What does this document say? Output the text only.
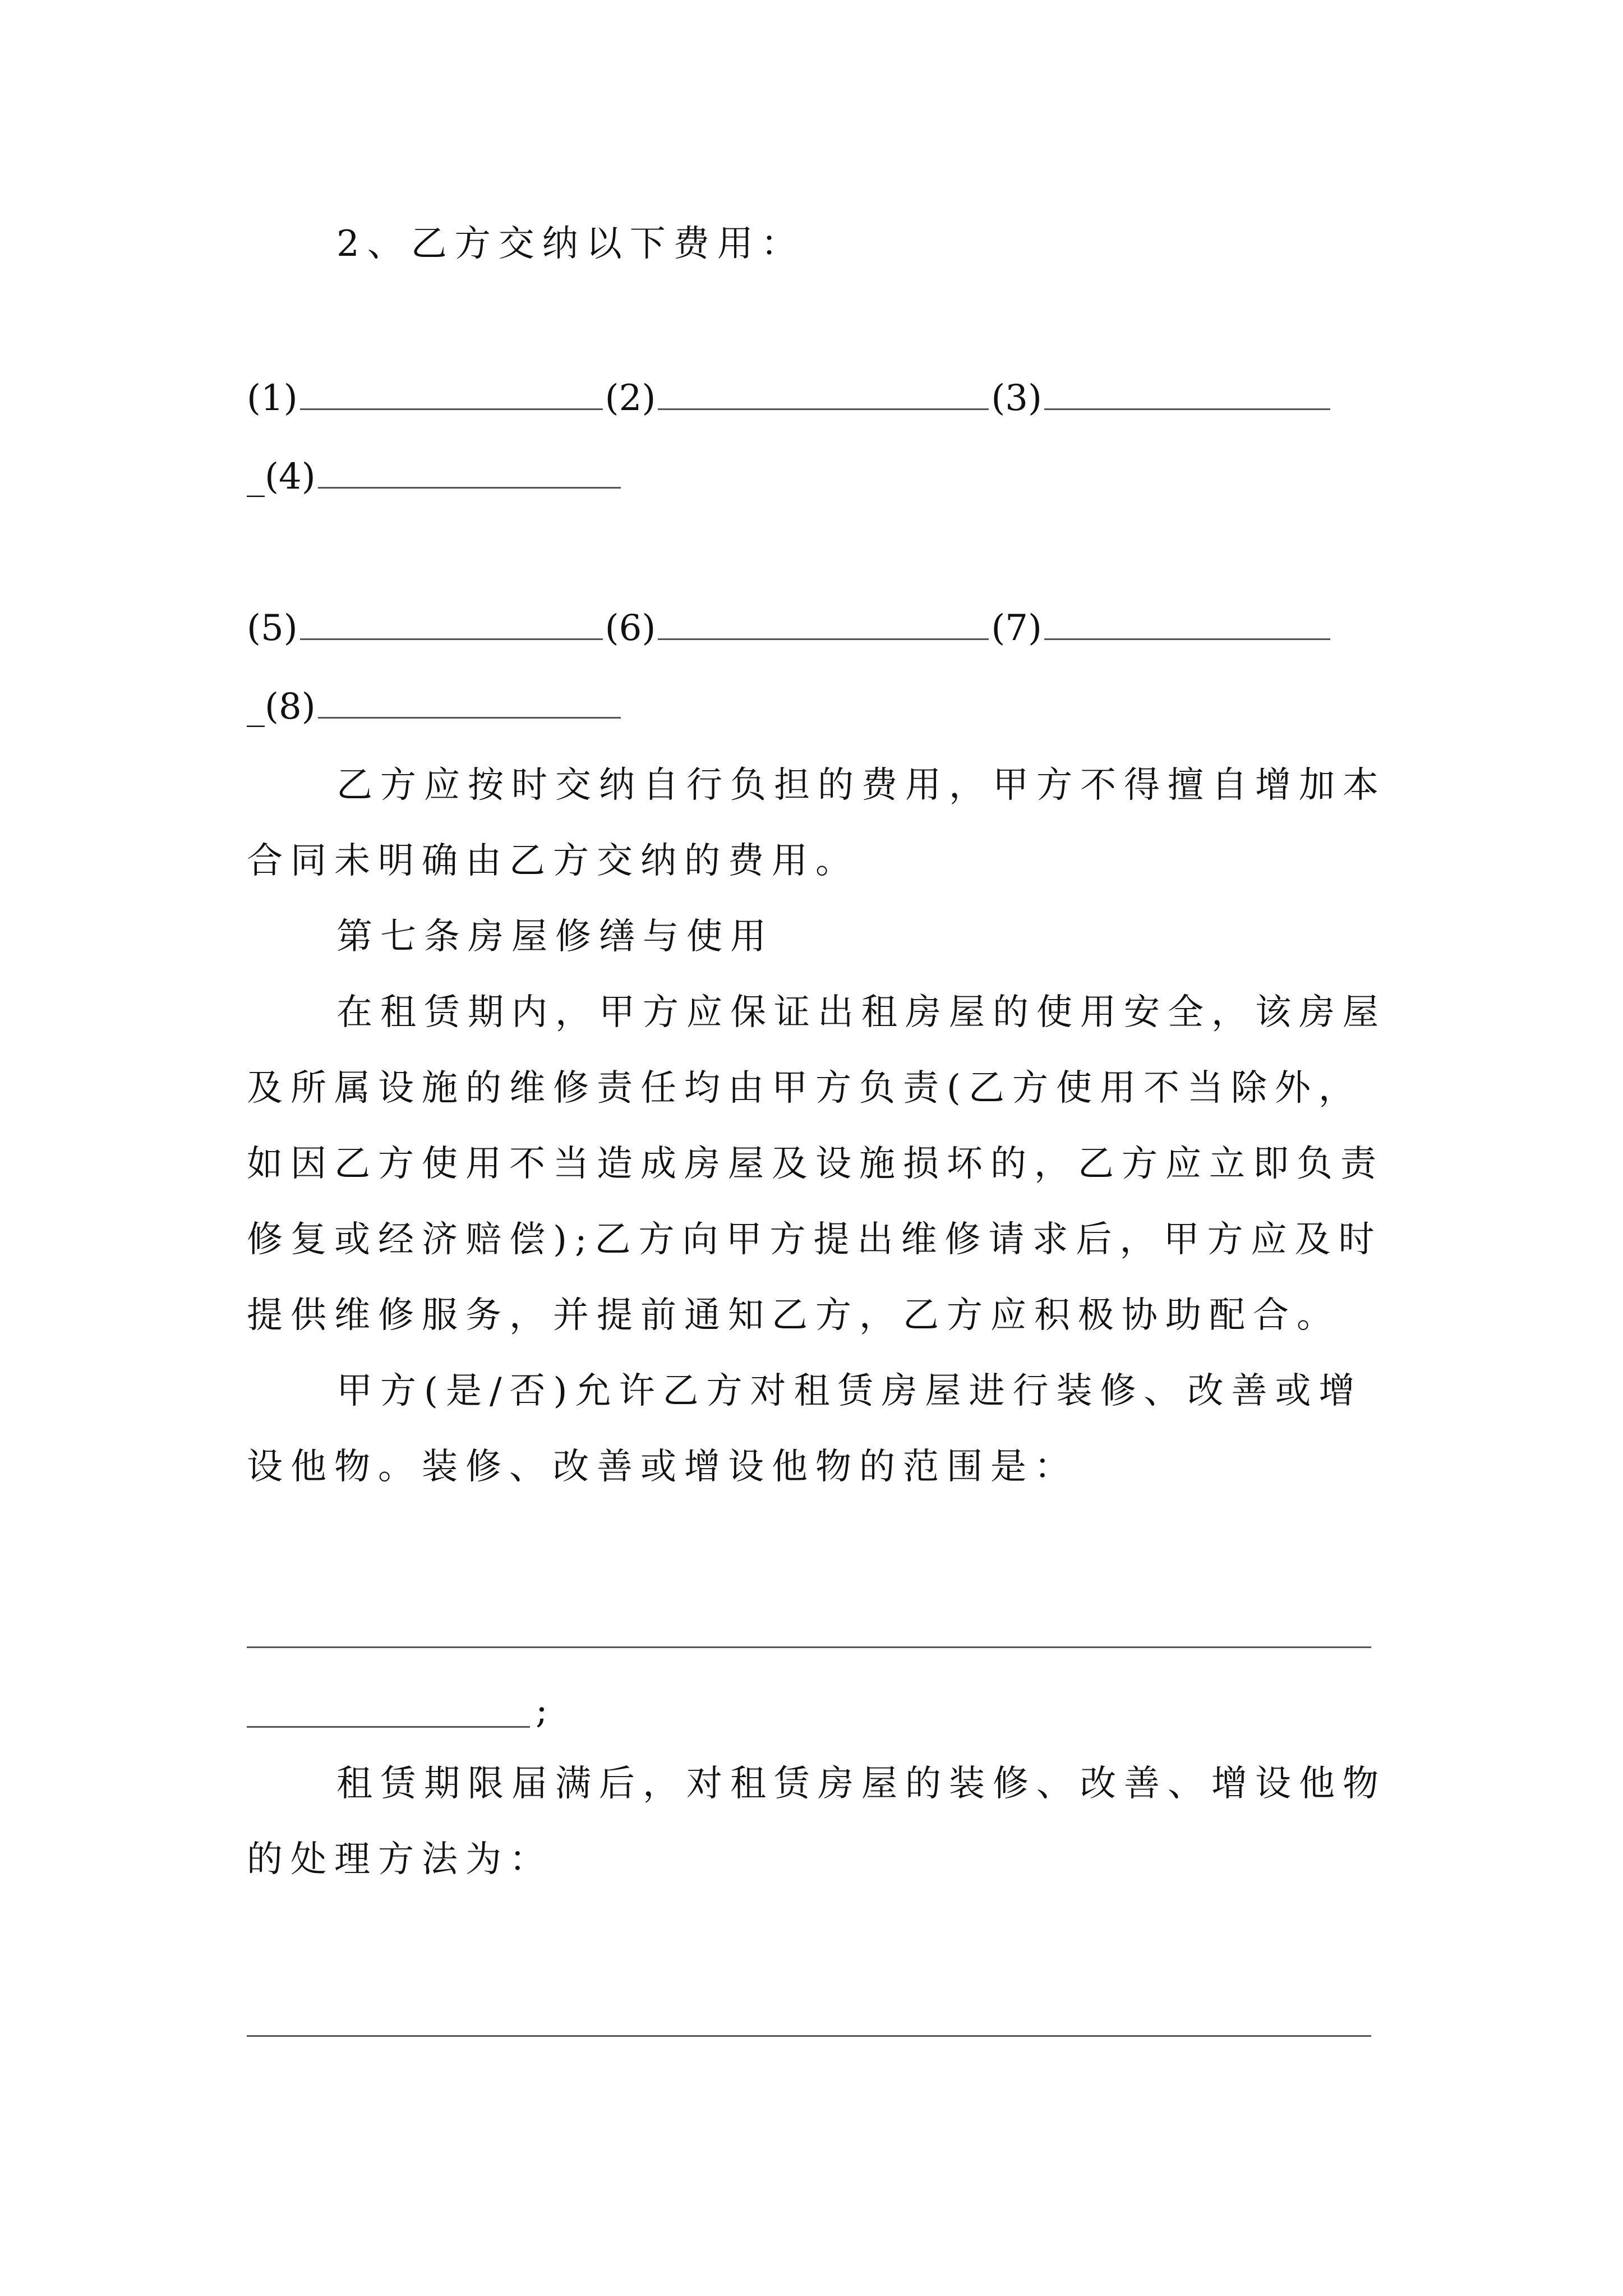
2、乙方交纳以下费用：
(1)	(2)	(3)
_(4)
(5)	(6)	(7)
_(8)
乙方应按时交纳自行负担的费用，甲方不得擅自增加本
合同未明确由乙方交纳的费用。
第七条房屋修缮与使用
在租赁期内，甲方应保证出租房屋的使用安全，该房屋
及所属设施的维修责任均由甲方负责(乙方使用不当除外，
如因乙方使用不当造成房屋及设施损坏的，乙方应立即负责
修复或经济赔偿);乙方向甲方提出维修请求后，甲方应及时
提供维修服务，并提前通知乙方，乙方应积极协助配合。
甲方(是/否)允许乙方对租赁房屋进行装修、改善或增
设他物。装修、改善或增设他物的范围是：
;
租赁期限届满后，对租赁房屋的装修、改善、增设他物
的处理方法为：
